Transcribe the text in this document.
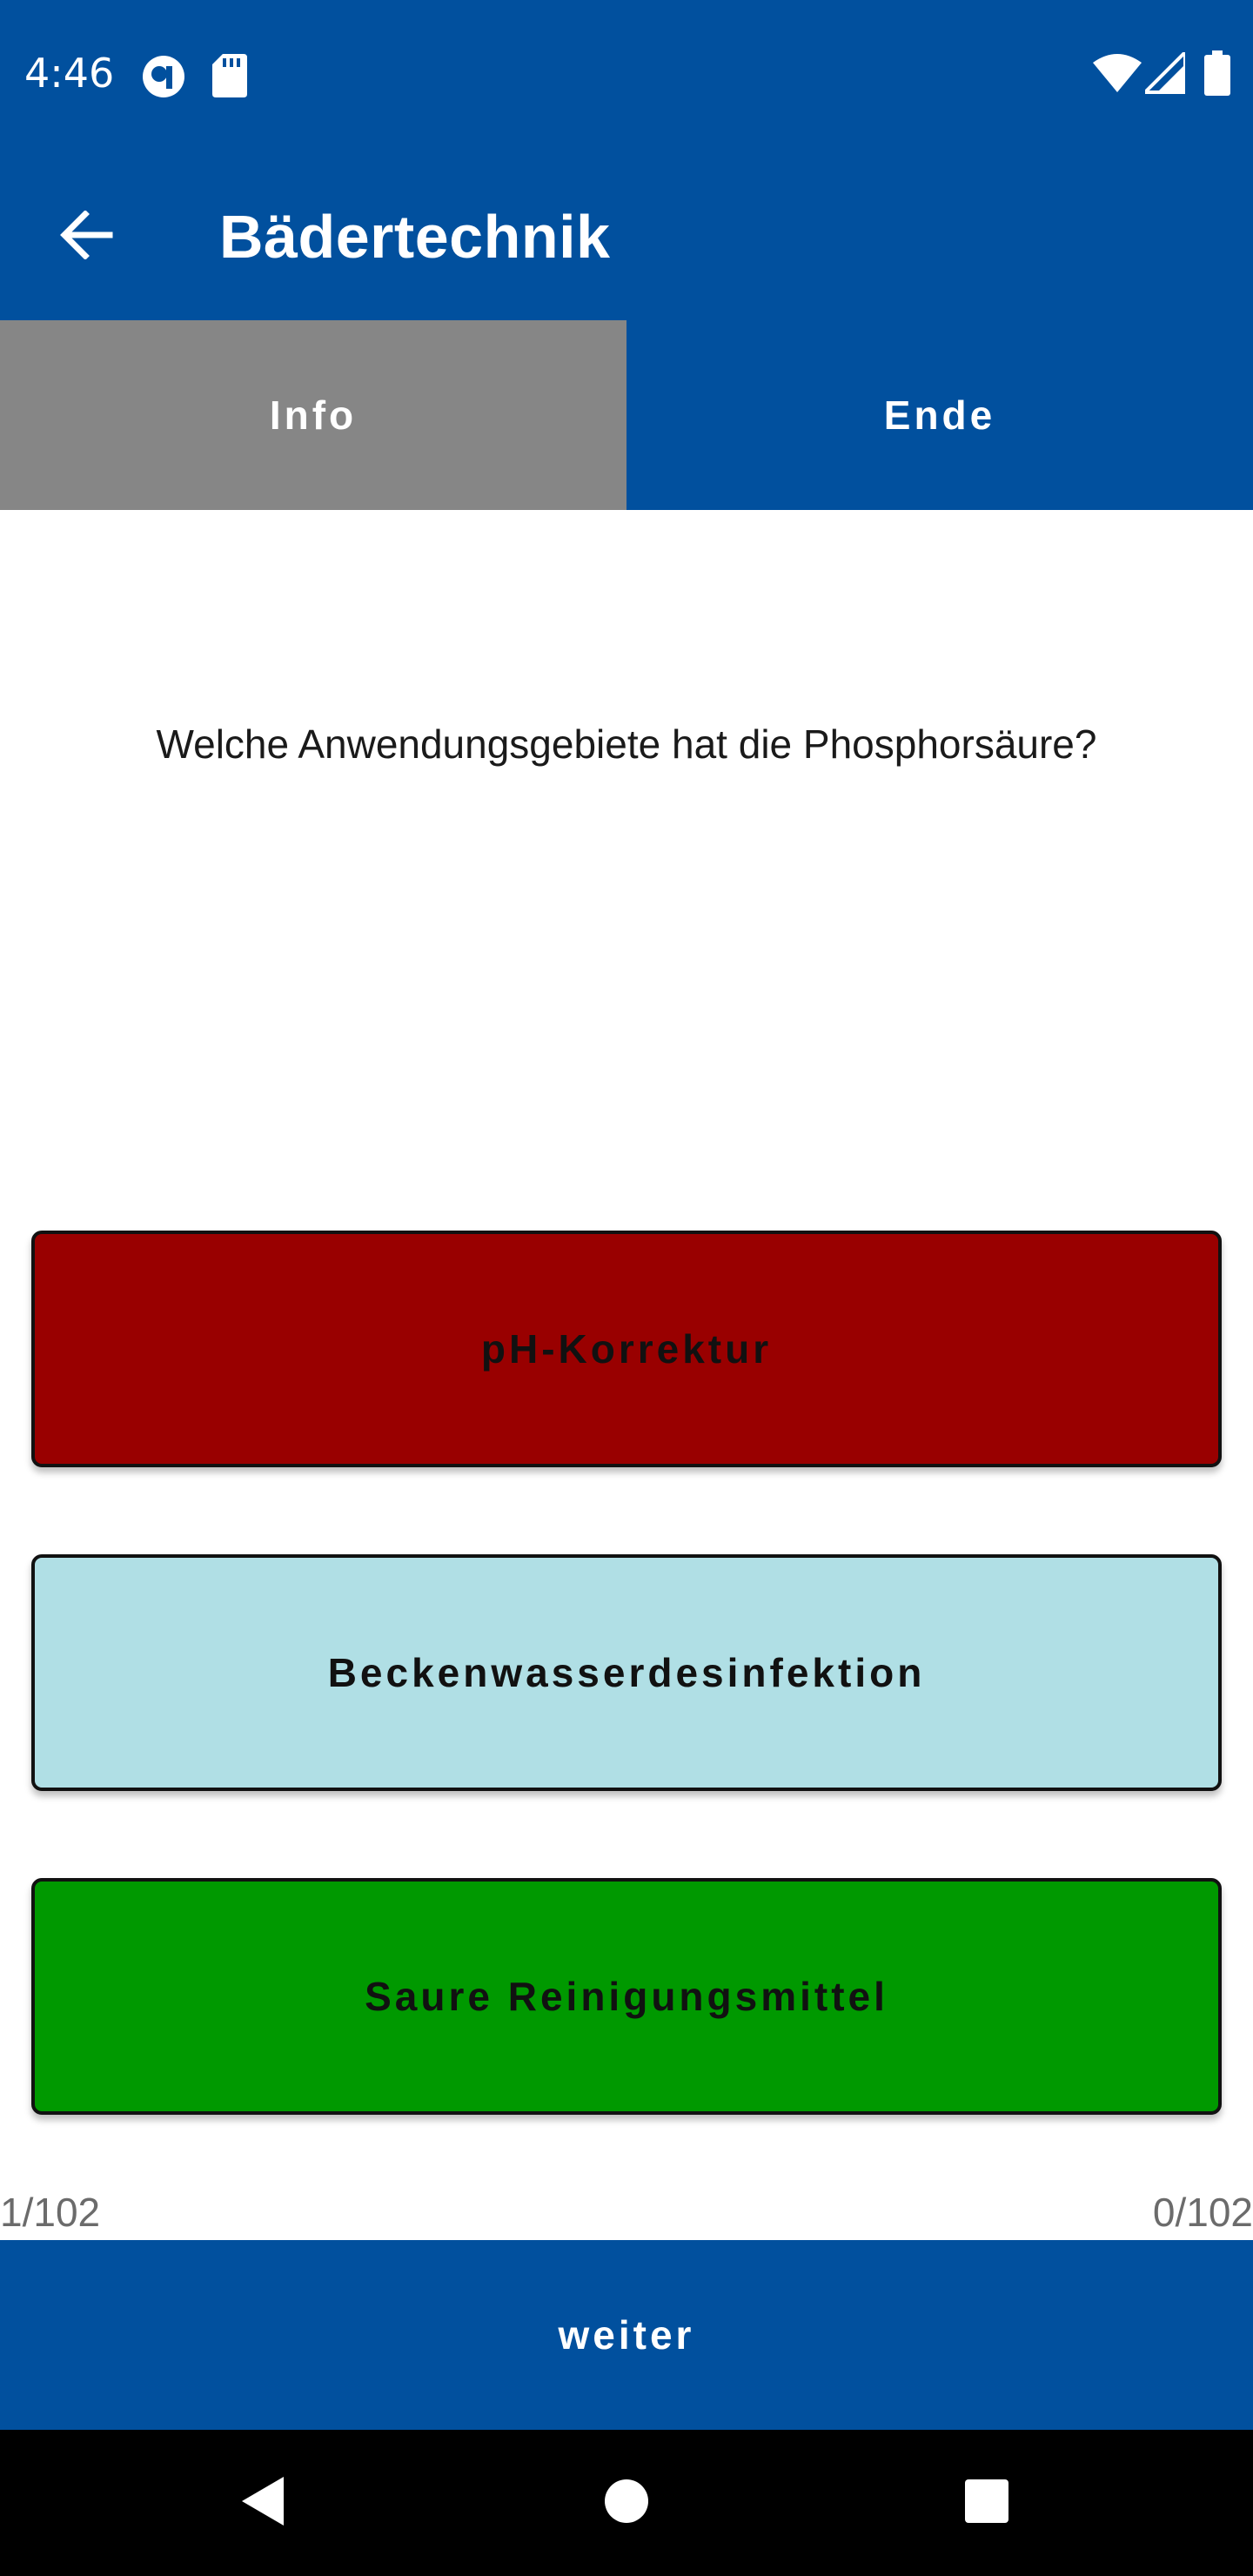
4:46
Bädertechnik
Info	Ende
Welche Anwendungsgebiete hat die Phosphorsäure?
pH-Korrektur
Beckenwasserdesinfektion
Saure Reinigungsmittel
1/102	0/102
weiter
